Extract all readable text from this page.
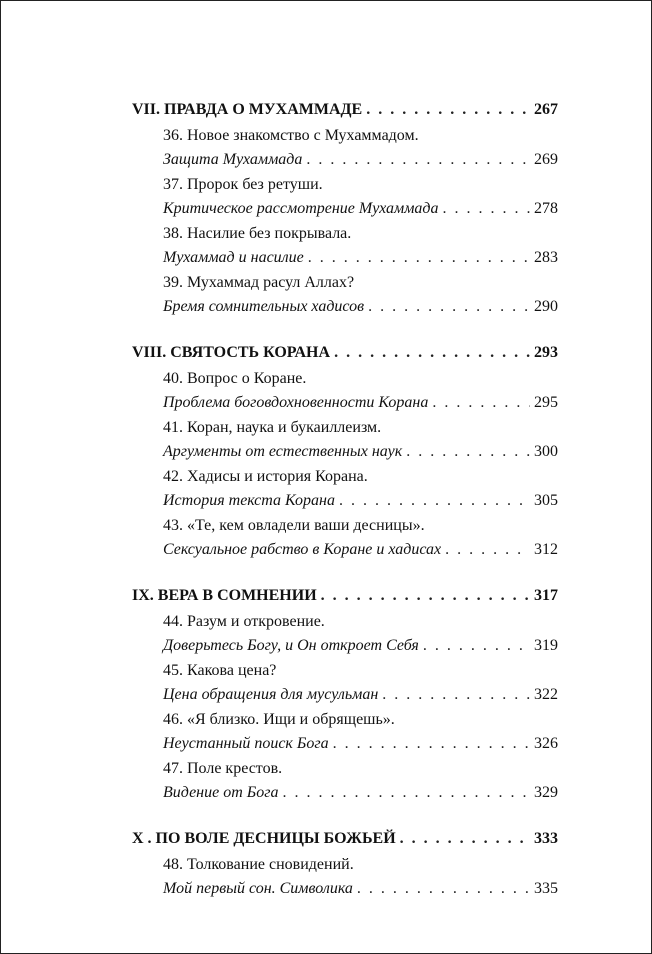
VII. ПРАВДА О МУХАММАДЕ . . .	267
36. Новое знакомство с Мухаммадом.
Защита Мухаммада . . .	269
37. Пророк без ретуши.
Критическое рассмотрение Мухаммада . . .	278
38. Насилие без покрывала.
Мухаммад и насилие . . .	283
39. Мухаммад расул Аллах?
Бремя сомнительных хадисов . . .	290
VIII. СВЯТОСТЬ КОРАНА . . .	293
40. Вопрос о Коране.
Проблема боговдохновенности Корана . . .	295
41. Коран, наука и букаиллеизм.
Аргументы от естественных наук . . .	300
42. Хадисы и история Корана.
История текста Корана . . .	305
43. «Те, кем овладели ваши десницы».
Сексуальное рабство в Коране и хадисах . . .	312
IX. ВЕРА В СОМНЕНИИ . . .	317
44. Разум и откровение.
Доверьтесь Богу, и Он откроет Себя . . .	319
45. Какова цена?
Цена обращения для мусульман . . .	322
46. «Я близко. Ищи и обрящешь».
Неустанный поиск Бога . . .	326
47. Поле крестов.
Видение от Бога . . .	329
X . ПО ВОЛЕ ДЕСНИЦЫ БОЖЬЕЙ . . .	333
48. Толкование сновидений.
Мой первый сон. Символика . . .	335
